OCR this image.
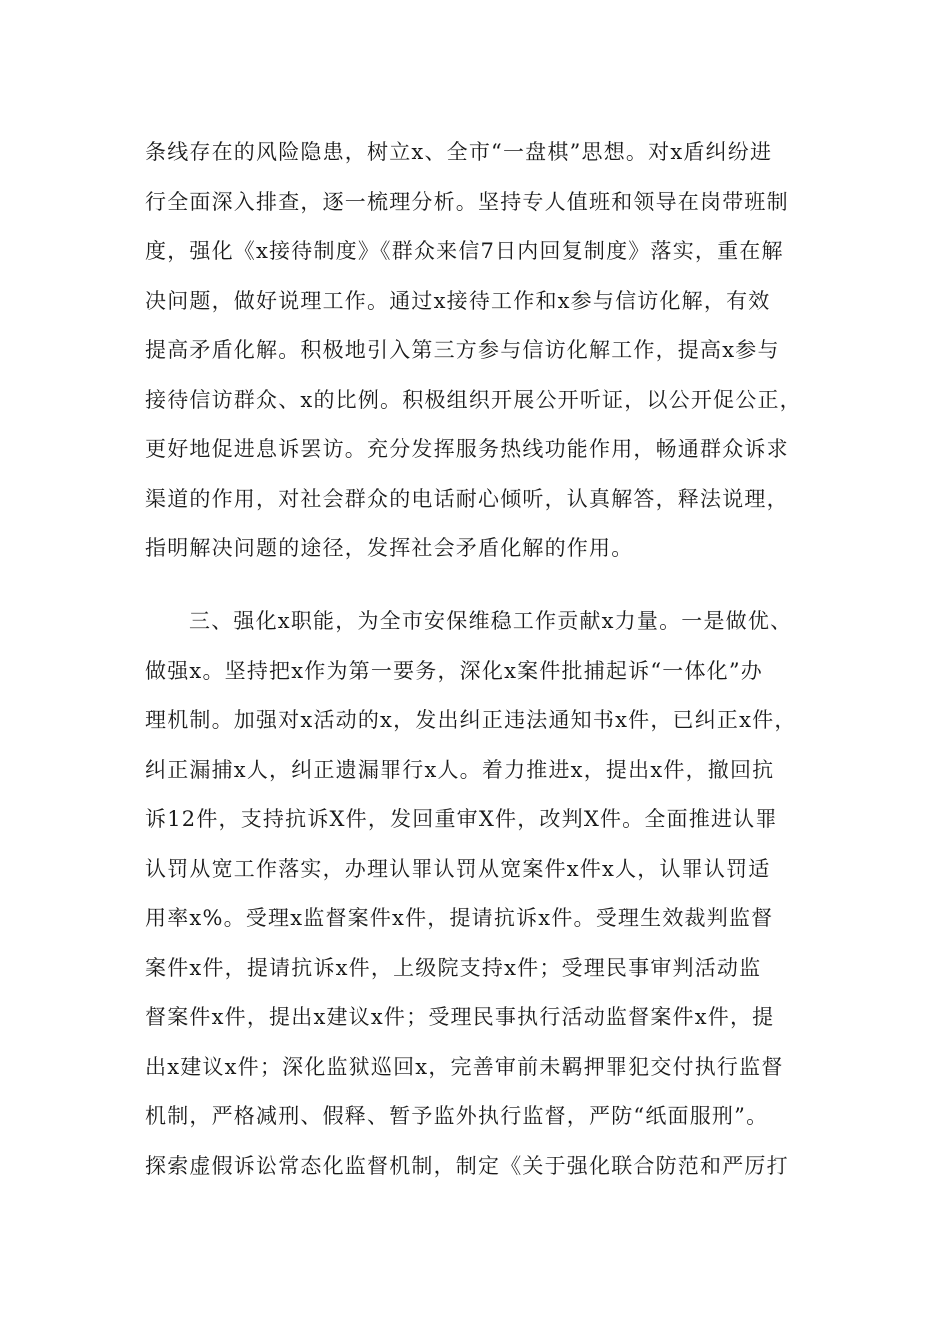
条线存在的风险隐患，树立x、全市“一盘棋”思想。对x盾纠纷进
行全面深入排查，逐一梳理分析。坚持专人值班和领导在岗带班制
度，强化《x接待制度》《群众来信7日内回复制度》落实，重在解
决问题，做好说理工作。通过x接待工作和x参与信访化解，有效
提高矛盾化解。积极地引入第三方参与信访化解工作，提高x参与
接待信访群众、x的比例。积极组织开展公开听证，以公开促公正，
更好地促进息诉罢访。充分发挥服务热线功能作用，畅通群众诉求
渠道的作用，对社会群众的电话耐心倾听，认真解答，释法说理，
指明解决问题的途径，发挥社会矛盾化解的作用。
三、强化x职能，为全市安保维稳工作贡献x力量。一是做优、
做强x。坚持把x作为第一要务，深化x案件批捕起诉“一体化”办
理机制。加强对x活动的x，发出纠正违法通知书x件，已纠正x件，
纠正漏捕x人，纠正遗漏罪行x人。着力推进x，提出x件，撤回抗
诉12件，支持抗诉X件，发回重审X件，改判X件。全面推进认罪
认罚从宽工作落实，办理认罪认罚从宽案件x件x人，认罪认罚适
用率x%。受理x监督案件x件，提请抗诉x件。受理生效裁判监督
案件x件，提请抗诉x件，上级院支持x件；受理民事审判活动监
督案件x件，提出x建议x件；受理民事执行活动监督案件x件，提
出x建议x件；深化监狱巡回x，完善审前未羁押罪犯交付执行监督
机制，严格减刑、假释、暂予监外执行监督，严防“纸面服刑”。
探索虚假诉讼常态化监督机制，制定《关于强化联合防范和严厉打
